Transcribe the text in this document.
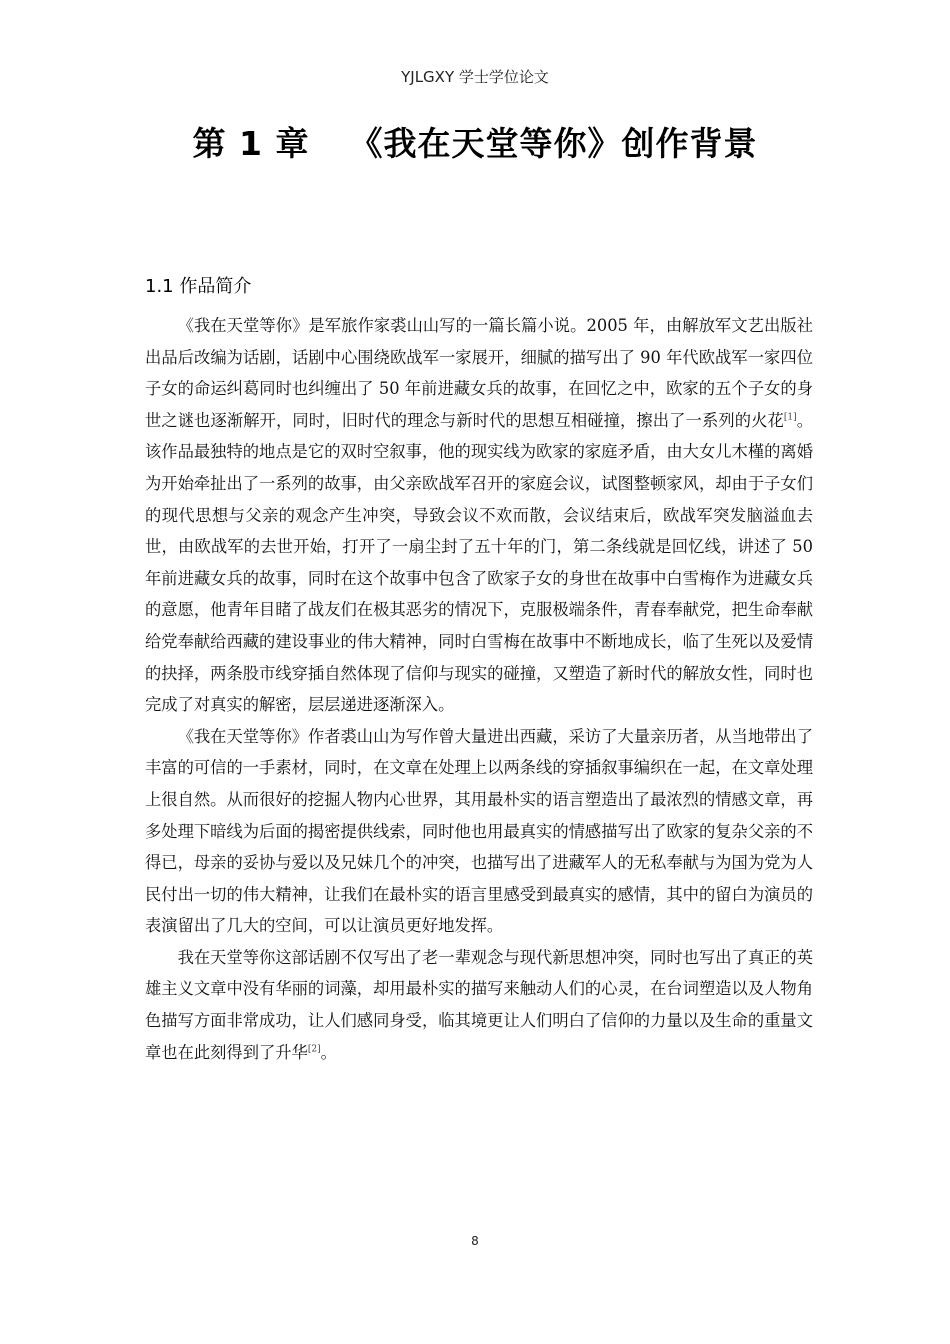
YJLGXY 学士学位论文
第 1 章 《我在天堂等你》创作背景
1.1 作品简介

《我在天堂等你》是军旅作家裘山山写的一篇长篇小说。2005 年，由解放军文艺出版社出品后改编为话剧，话剧中心围绕欧战军一家展开，细腻的描写出了 90 年代欧战军一家四位子女的命运纠葛同时也纠缠出了 50 年前进藏女兵的故事，在回忆之中，欧家的五个子女的身世之谜也逐渐解开，同时，旧时代的理念与新时代的思想互相碰撞，擦出了一系列的火花[1]。 该作品最独特的地点是它的双时空叙事，他的现实线为欧家的家庭矛盾，由大女儿木槿的离婚为开始牵扯出了一系列的故事，由父亲欧战军召开的家庭会议，试图整顿家风，却由于子女们的现代思想与父亲的观念产生冲突，导致会议不欢而散，会议结束后，欧战军突发脑溢血去世，由欧战军的去世开始，打开了一扇尘封了五十年的门，第二条线就是回忆线，讲述了 50 年前进藏女兵的故事，同时在这个故事中包含了欧家子女的身世在故事中白雪梅作为进藏女兵的意愿，他青年目睹了战友们在极其恶劣的情况下，克服极端条件，青春奉献党，把生命奉献给党奉献给西藏的建设事业的伟大精神，同时白雪梅在故事中不断地成长，临了生死以及爱情的抉择，两条股市线穿插自然体现了信仰与现实的碰撞，又塑造了新时代的解放女性，同时也完成了对真实的解密，层层递进逐渐深入。

《我在天堂等你》作者裘山山为写作曾大量进出西藏，采访了大量亲历者，从当地带出了丰富的可信的一手素材，同时，在文章在处理上以两条线的穿插叙事编织在一起，在文章处理上很自然。从而很好的挖掘人物内心世界，其用最朴实的语言塑造出了最浓烈的情感文章，再多处理下暗线为后面的揭密提供线索，同时他也用最真实的情感描写出了欧家的复杂父亲的不得已，母亲的妥协与爱以及兄妹几个的冲突，也描写出了进藏军人的无私奉献与为国为党为人民付出一切的伟大精神，让我们在最朴实的语言里感受到最真实的感情，其中的留白为演员的表演留出了几大的空间，可以让演员更好地发挥。

我在天堂等你这部话剧不仅写出了老一辈观念与现代新思想冲突，同时也写出了真正的英雄主义文章中没有华丽的词藻，却用最朴实的描写来触动人们的心灵，在台词塑造以及人物角色描写方面非常成功，让人们感同身受，临其境更让人们明白了信仰的力量以及生命的重量文章也在此刻得到了升华[2]。

8
